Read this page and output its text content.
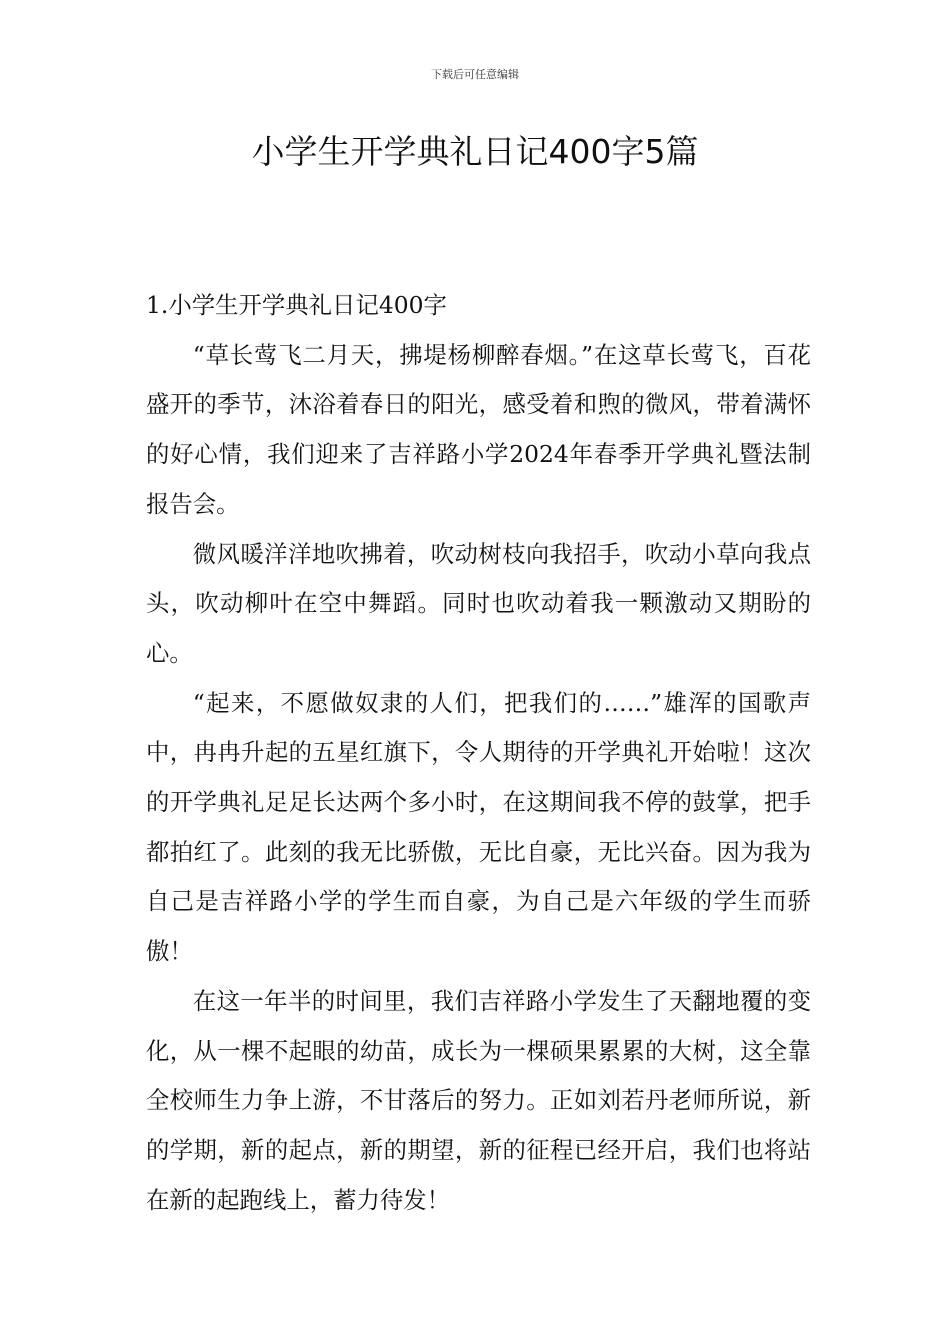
下载后可任意编辑
小学生开学典礼日记400字5篇

1.小学生开学典礼日记400字

“草长莺飞二月天，拂堤杨柳醉春烟。”在这草长莺飞，百花盛开的季节，沐浴着春日的阳光，感受着和煦的微风，带着满怀的好心情，我们迎来了吉祥路小学2024年春季开学典礼暨法制报告会。

微风暖洋洋地吹拂着，吹动树枝向我招手，吹动小草向我点头，吹动柳叶在空中舞蹈。同时也吹动着我一颗激动又期盼的心。

“起来，不愿做奴隶的人们，把我们的……”雄浑的国歌声中，冉冉升起的五星红旗下，令人期待的开学典礼开始啦！这次的开学典礼足足长达两个多小时，在这期间我不停的鼓掌，把手都拍红了。此刻的我无比骄傲，无比自豪，无比兴奋。因为我为自己是吉祥路小学的学生而自豪，为自己是六年级的学生而骄傲！

在这一年半的时间里，我们吉祥路小学发生了天翻地覆的变化，从一棵不起眼的幼苗，成长为一棵硕果累累的大树，这全靠全校师生力争上游，不甘落后的努力。正如刘若丹老师所说，新的学期，新的起点，新的期望，新的征程已经开启，我们也将站在新的起跑线上，蓄力待发！
